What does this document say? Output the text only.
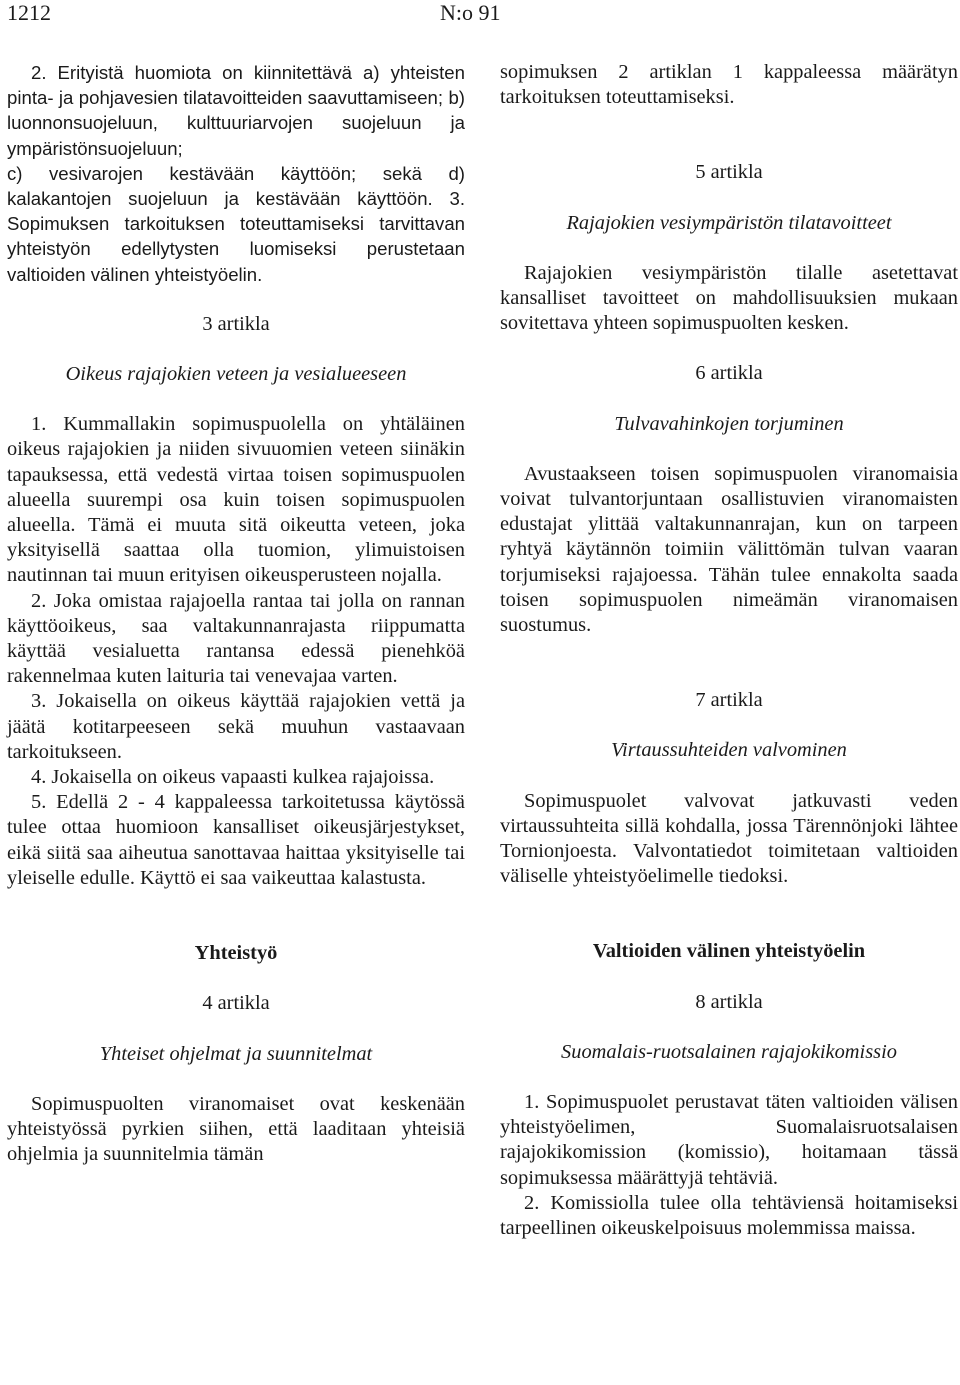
1212	N:o 91

2. Erityistä huomiota on kiinnitettävä a) yhteisten pinta- ja pohjavesien tilatavoitteiden saavuttamiseen; b) luonnonsuojeluun, kulttuuriarvojen suojeluun ja ympäristönsuojeluun;

c) vesivarojen kestävään käyttöön; sekä d) kalakantojen suojeluun ja kestävään käyttöön. 3. Sopimuksen tarkoituksen toteuttamiseksi tarvittavan yhteistyön edellytysten luomiseksi perustetaan valtioiden välinen yhteistyöelin.

3 artikla

Oikeus rajajokien veteen ja vesialueeseen

1. Kummallakin sopimuspuolella on yhtäläinen oikeus rajajokien ja niiden sivuuomien veteen siinäkin tapauksessa, että vedestä virtaa toisen sopimuspuolen alueella suurempi osa kuin toisen sopimuspuolen alueella. Tämä ei muuta sitä oikeutta veteen, joka yksityisellä saattaa olla tuomion, ylimuistoisen nautinnan tai muun erityisen oikeusperusteen nojalla.

2. Joka omistaa rajajoella rantaa tai jolla on rannan käyttöoikeus, saa valtakunnanrajasta riippumatta käyttää vesialuetta rantansa edessä pienehköä rakennelmaa kuten laituria tai venevajaa varten.

3. Jokaisella on oikeus käyttää rajajokien vettä ja jäätä kotitarpeeseen sekä muuhun vastaavaan tarkoitukseen.

4. Jokaisella on oikeus vapaasti kulkea rajajoissa.

5. Edellä 2 - 4 kappaleessa tarkoitetussa käytössä tulee ottaa huomioon kansalliset oikeusjärjestykset, eikä siitä saa aiheutua sanottavaa haittaa yksityiselle tai yleiselle edulle. Käyttö ei saa vaikeuttaa kalastusta.

Yhteistyö

4 artikla

Yhteiset ohjelmat ja suunnitelmat

Sopimuspuolten viranomaiset ovat keskenään yhteistyössä pyrkien siihen, että laaditaan yhteisiä ohjelmia ja suunnitelmia tämän

sopimuksen 2 artiklan 1 kappaleessa määrätyn tarkoituksen toteuttamiseksi.

5 artikla

Rajajokien vesiympäristön tilatavoitteet

Rajajokien vesiympäristön tilalle asetettavat kansalliset tavoitteet on mahdollisuuksien mukaan sovitettava yhteen sopimuspuolten kesken.

6 artikla

Tulvavahinkojen torjuminen

Avustaakseen toisen sopimuspuolen viranomaisia voivat tulvantorjuntaan osallistuvien viranomaisten edustajat ylittää valtakunnanrajan, kun on tarpeen ryhtyä käytännön toimiin välittömän tulvan vaaran torjumiseksi rajajoessa. Tähän tulee ennakolta saada toisen sopimuspuolen nimeämän viranomaisen suostumus.

7 artikla

Virtaussuhteiden valvominen

Sopimuspuolet valvovat jatkuvasti veden virtaussuhteita sillä kohdalla, jossa Tärennönjoki lähtee Tornionjoesta. Valvontatiedot toimitetaan valtioiden väliselle yhteistyöelimelle tiedoksi.

Valtioiden välinen yhteistyöelin

8 artikla

Suomalais-ruotsalainen rajajokikomissio

1. Sopimuspuolet perustavat täten valtioiden välisen yhteistyöelimen, Suomalaisruotsalaisen rajajokikomission (komissio), hoitamaan tässä sopimuksessa määrättyjä tehtäviä.

2. Komissiolla tulee olla tehtäviensä hoitamiseksi tarpeellinen oikeuskelpoisuus molemmissa maissa.
